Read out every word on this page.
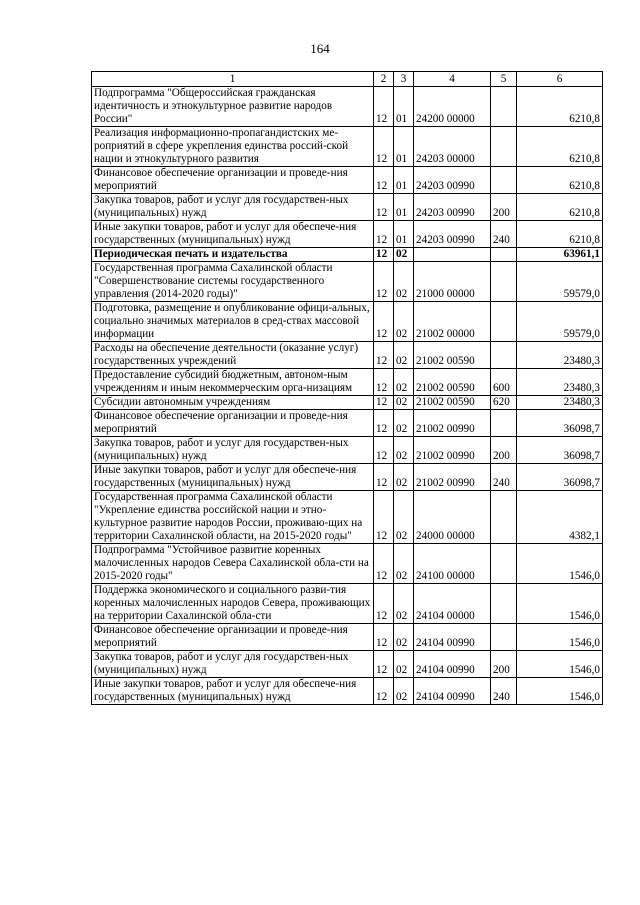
164
1	2	3	4	5	6
Подпрограмма "Общероссийская гражданская идентичность и этнокультурное развитие народов России"	12	01	24200 00000		6210,8
Реализация информационно-пропагандистских ме-роприятий в сфере укрепления единства россий-ской нации и этнокультурного развития	12	01	24203 00000		6210,8
Финансовое обеспечение организации и проведе-ния мероприятий	12	01	24203 00990		6210,8
Закупка товаров, работ и услуг для государствен-ных (муниципальных) нужд	12	01	24203 00990	200	6210,8
Иные закупки товаров, работ и услуг для обеспече-ния государственных (муниципальных) нужд	12	01	24203 00990	240	6210,8
Периодическая печать и издательства	12	02			63961,1
Государственная программа Сахалинской области "Совершенствование системы государственного управления (2014-2020 годы)"	12	02	21000 00000		59579,0
Подготовка, размещение и опубликование офици-альных, социально значимых материалов в сред-ствах массовой информации	12	02	21002 00000		59579,0
Расходы на обеспечение деятельности (оказание услуг) государственных учреждений	12	02	21002 00590		23480,3
Предоставление субсидий бюджетным, автоном-ным учреждениям и иным некоммерческим орга-низациям	12	02	21002 00590	600	23480,3
Субсидии автономным учреждениям	12	02	21002 00590	620	23480,3
Финансовое обеспечение организации и проведе-ния мероприятий	12	02	21002 00990		36098,7
Закупка товаров, работ и услуг для государствен-ных (муниципальных) нужд	12	02	21002 00990	200	36098,7
Иные закупки товаров, работ и услуг для обеспече-ния государственных (муниципальных) нужд	12	02	21002 00990	240	36098,7
Государственная программа Сахалинской области "Укрепление единства российской нации и этно-культурное развитие народов России, проживаю-щих на территории Сахалинской области, на 2015-2020 годы"	12	02	24000 00000		4382,1
Подпрограмма "Устойчивое развитие коренных малочисленных народов Севера Сахалинской обла-сти на 2015-2020 годы"	12	02	24100 00000		1546,0
Поддержка экономического и социального разви-тия коренных малочисленных народов Севера, проживающих на территории Сахалинской обла-сти	12	02	24104 00000		1546,0
Финансовое обеспечение организации и проведе-ния мероприятий	12	02	24104 00990		1546,0
Закупка товаров, работ и услуг для государствен-ных (муниципальных) нужд	12	02	24104 00990	200	1546,0
Иные закупки товаров, работ и услуг для обеспече-ния государственных (муниципальных) нужд	12	02	24104 00990	240	1546,0
